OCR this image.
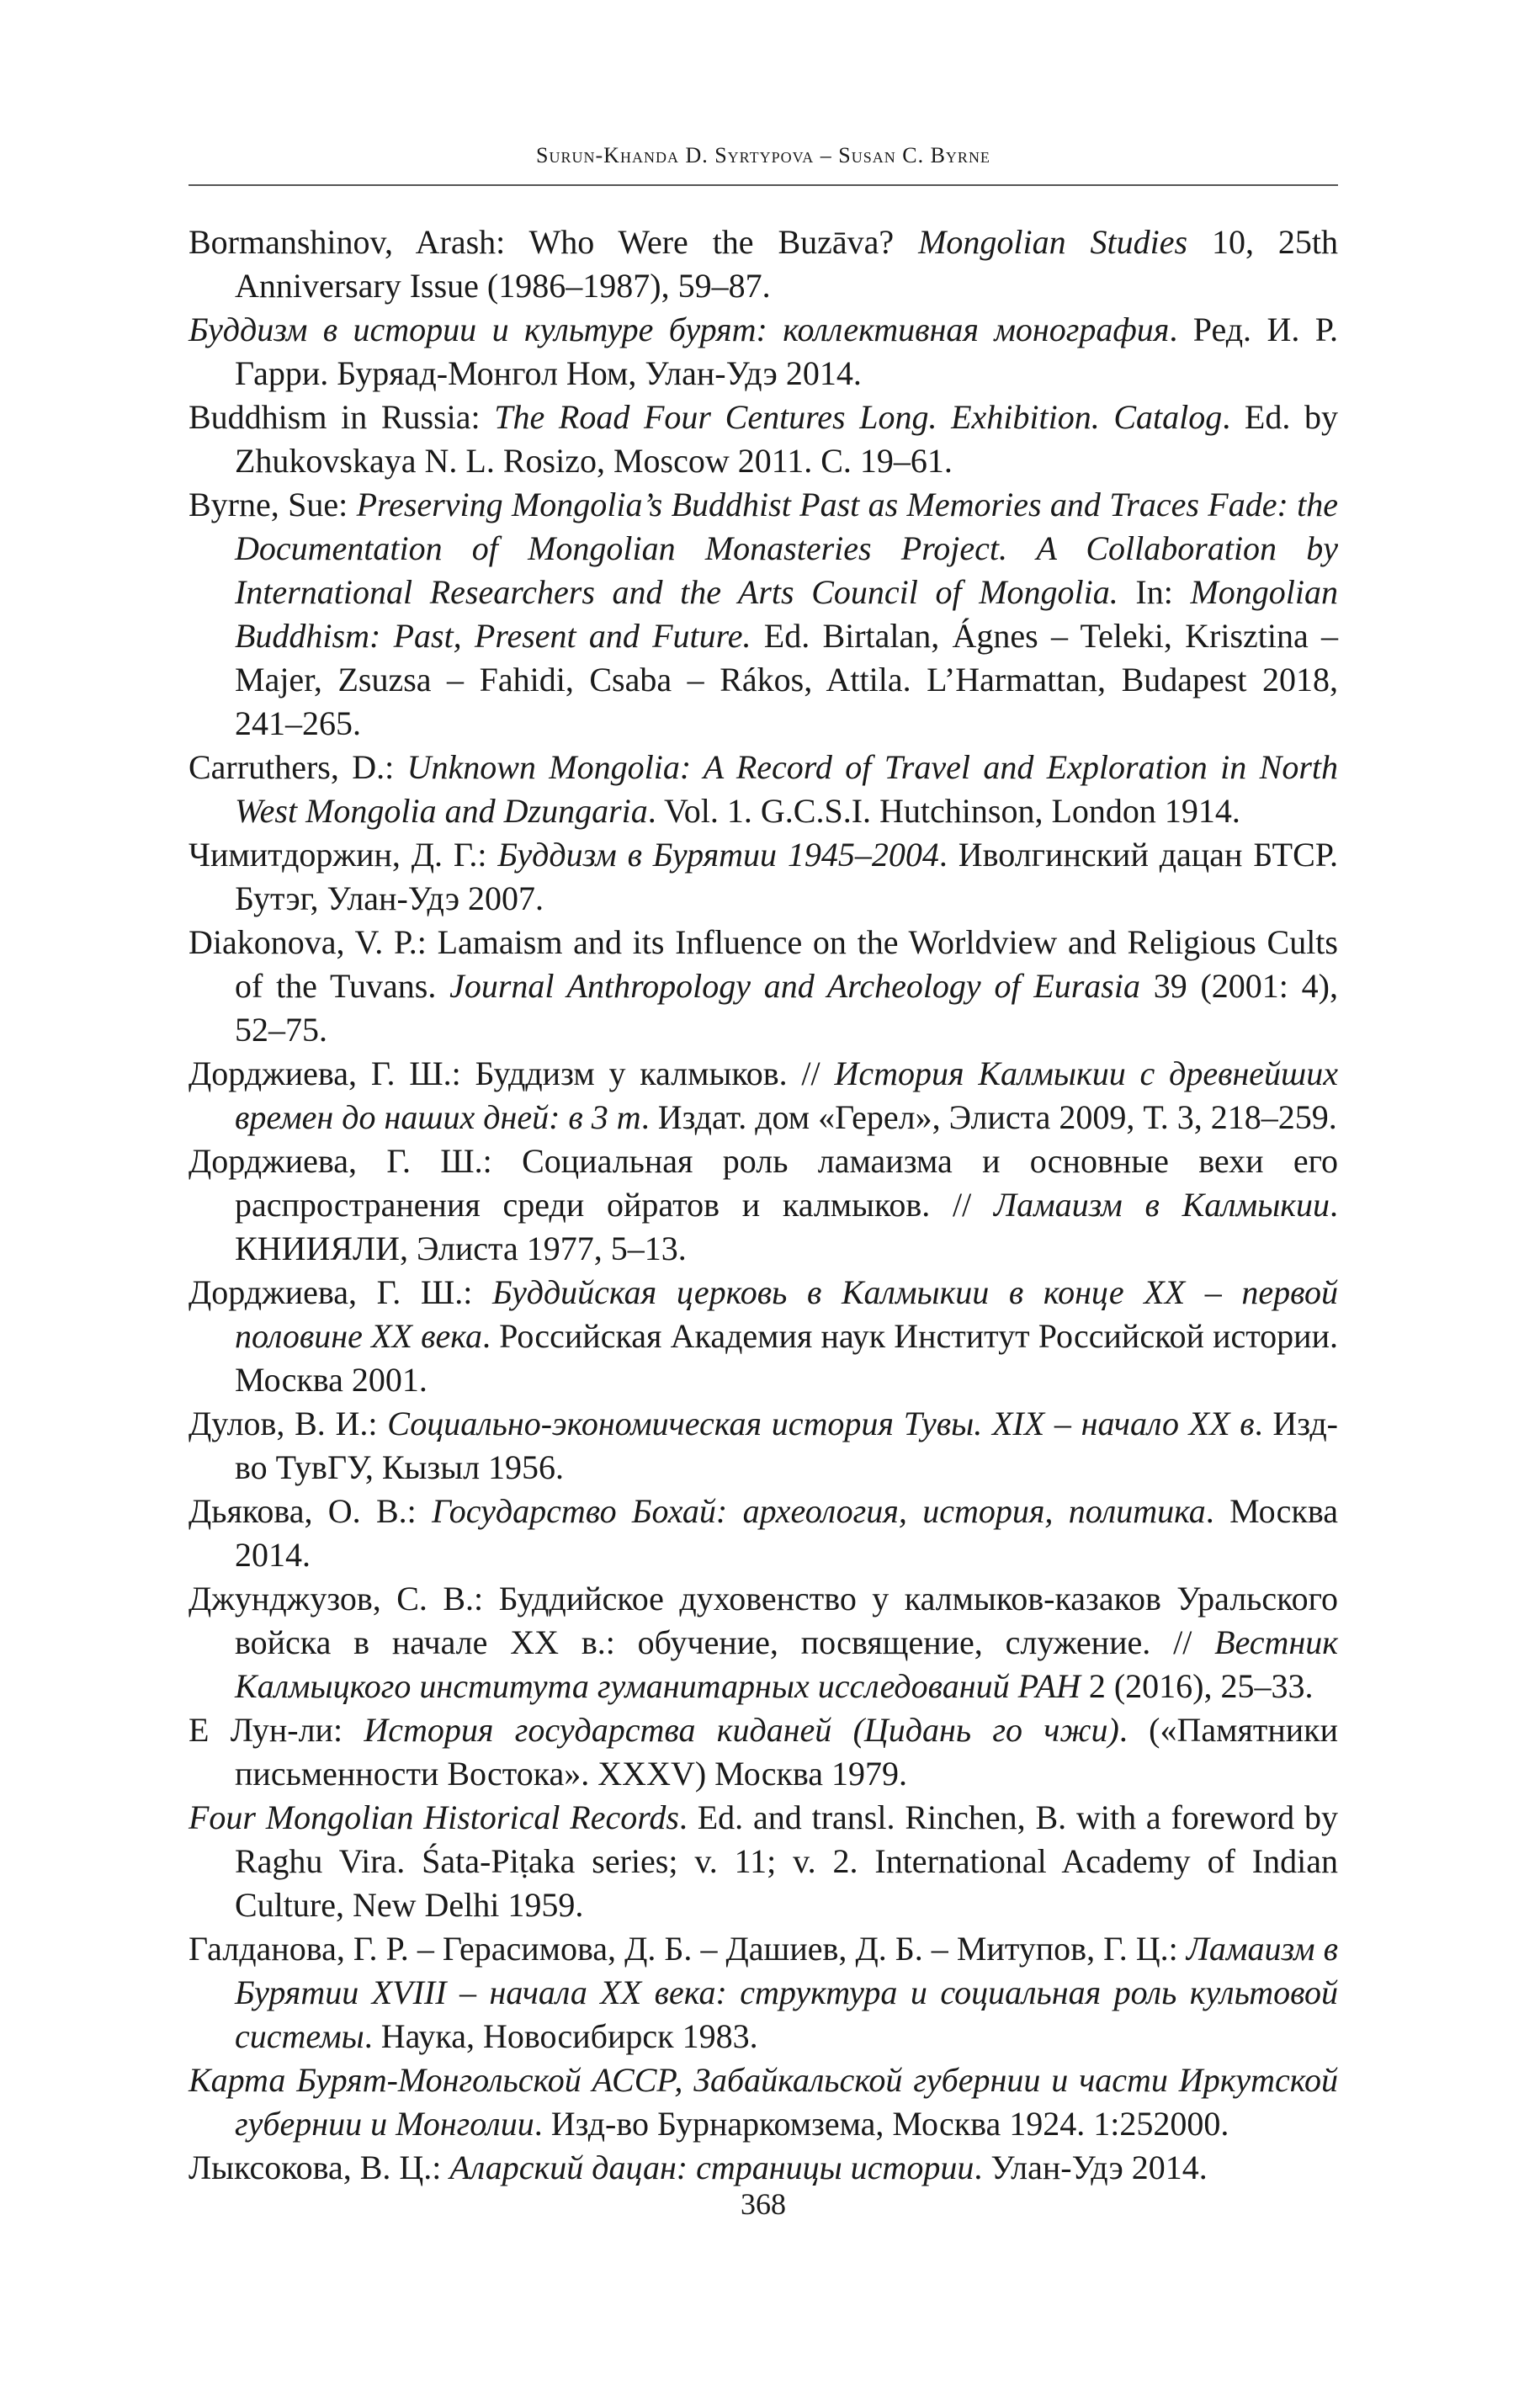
Surun-Khanda D. Syrtypova – Susan C. Byrne

Bormanshinov, Arash: Who Were the Buzāva? Mongolian Studies 10, 25th Anniversary Issue (1986–1987), 59–87.

Буддизм в истории и культуре бурят: коллективная монография. Ред. И. Р. Гарри. Буряад-Монгол Ном, Улан-Удэ 2014.

Buddhism in Russia: The Road Four Centures Long. Exhibition. Catalog. Ed. by Zhukovskaya N. L. Rosizo, Moscow 2011. С. 19–61.

Byrne, Sue: Preserving Mongolia’s Buddhist Past as Memories and Traces Fade: the Documentation of Mongolian Monasteries Project. A Collaboration by International Researchers and the Arts Council of Mongolia. In: Mongolian Buddhism: Past, Present and Future. Ed. Birtalan, Ágnes – Teleki, Krisztina – Majer, Zsuzsa – Fahidi, Csaba – Rákos, Attila. L’Harmattan, Budapest 2018, 241–265.

Carruthers, D.: Unknown Mongolia: A Record of Travel and Exploration in North West Mongolia and Dzungaria. Vol. 1. G.C.S.I. Hutchinson, London 1914.

Чимитдоржин, Д. Г.: Буддизм в Бурятии 1945–2004. Иволгинский дацан БТСР. Бутэг, Улан-Удэ 2007.

Diakonova, V. P.: Lamaism and its Influence on the Worldview and Religious Cults of the Tuvans. Journal Anthropology and Archeology of Eurasia 39 (2001: 4), 52–75.

Дорджиева, Г. Ш.: Буддизм у калмыков. // История Калмыкии с древнейших времен до наших дней: в 3 т. Издат. дом «Герел», Элиста 2009, Т. 3, 218–259.

Дорджиева, Г. Ш.: Социальная роль ламаизма и основные вехи его распространения среди ойратов и калмыков. // Ламаизм в Калмыкии. КНИИЯЛИ, Элиста 1977, 5–13.

Дорджиева, Г. Ш.: Буддийская церковь в Калмыкии в конце XX – первой половине XX века. Российская Академия наук Институт Российской истории. Москва 2001.

Дулов, В. И.: Социально-экономическая история Тувы. XIX – начало XX в. Изд-во ТувГУ, Кызыл 1956.

Дьякова, О. В.: Государство Бохай: археология, история, политика. Москва 2014.

Джунджузов, С. В.: Буддийское духовенство у калмыков-казаков Уральского войска в начале XX в.: обучение, посвящение, служение. // Вестник Калмыцкого института гуманитарных исследований РАН 2 (2016), 25–33.

Е Лун-ли: История государства киданей (Цидань го чжи). («Памятники письменности Востока». XXXV) Москва 1979.

Four Mongolian Historical Records. Ed. and transl. Rinchen, B. with a foreword by Raghu Vira. Śata-Piṭaka series; v. 11; v. 2. International Academy of Indian Culture, New Delhi 1959.

Галданова, Г. Р. – Герасимова, Д. Б. – Дашиев, Д. Б. – Митупов, Г. Ц.: Ламаизм в Бурятии XVIII – начала XX века: структура и социальная роль культовой системы. Наука, Новосибирск 1983.

Карта Бурят-Монгольской АССР, Забайкальской губернии и части Иркутской губернии и Монголии. Изд-во Бурнаркомзема, Москва 1924. 1:252000.

Лыксокова, В. Ц.: Аларский дацан: страницы истории. Улан-Удэ 2014.

368
